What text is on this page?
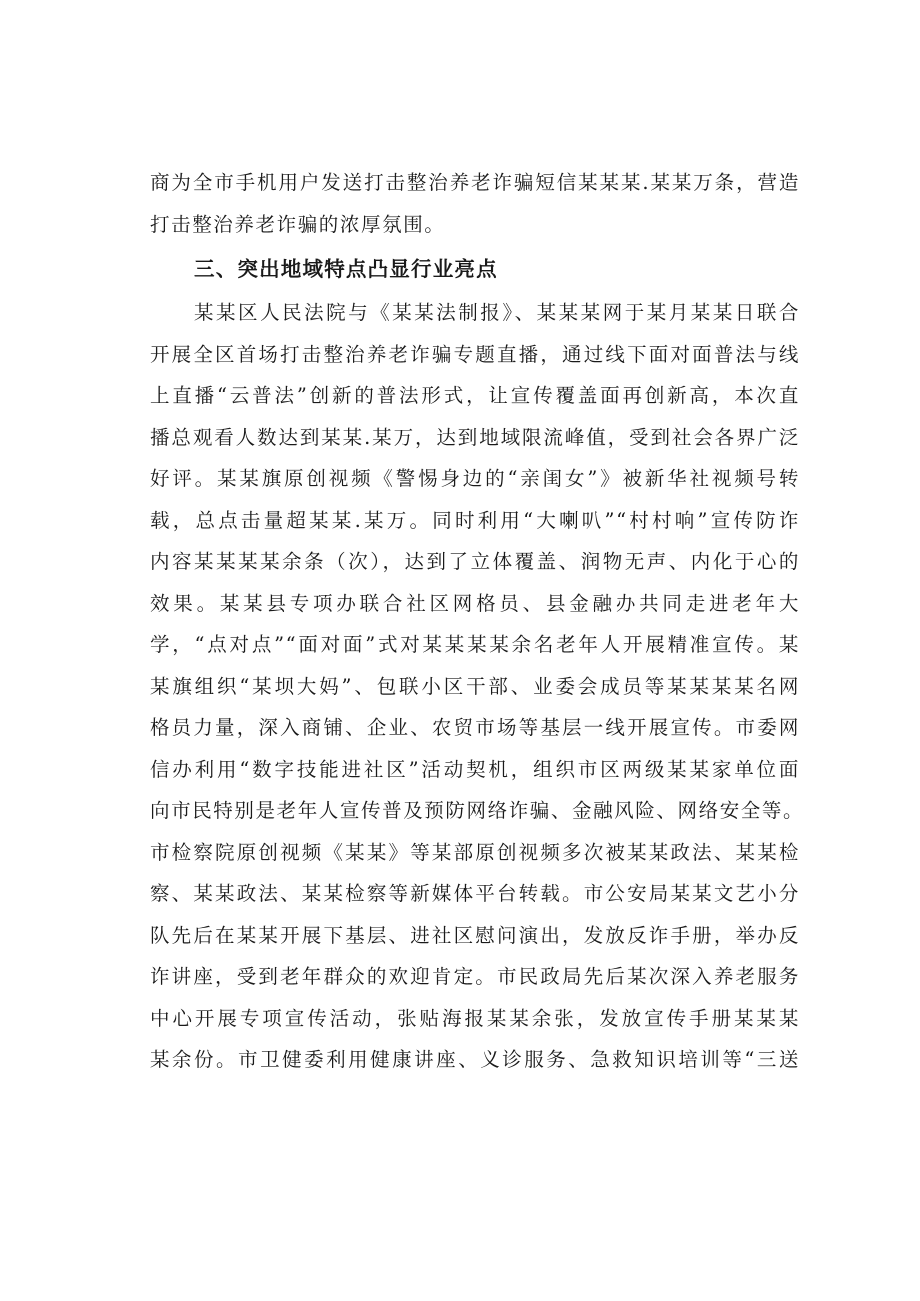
商为全市手机用户发送打击整治养老诈骗短信某某某.某某万条，营造
打击整治养老诈骗的浓厚氛围。
三、突出地域特点凸显行业亮点
某某区人民法院与《某某法制报》、某某某网于某月某某日联合
开展全区首场打击整治养老诈骗专题直播，通过线下面对面普法与线
上直播“云普法”创新的普法形式，让宣传覆盖面再创新高，本次直
播总观看人数达到某某.某万，达到地域限流峰值，受到社会各界广泛
好评。某某旗原创视频《警惕身边的“亲闺女”》被新华社视频号转
载，总点击量超某某.某万。同时利用“大喇叭”“村村响”宣传防诈
内容某某某某余条（次），达到了立体覆盖、润物无声、内化于心的
效果。某某县专项办联合社区网格员、县金融办共同走进老年大
学，“点对点”“面对面”式对某某某某余名老年人开展精准宣传。某
某旗组织“某坝大妈”、包联小区干部、业委会成员等某某某某名网
格员力量，深入商铺、企业、农贸市场等基层一线开展宣传。市委网
信办利用“数字技能进社区”活动契机，组织市区两级某某家单位面
向市民特别是老年人宣传普及预防网络诈骗、金融风险、网络安全等。
市检察院原创视频《某某》等某部原创视频多次被某某政法、某某检
察、某某政法、某某检察等新媒体平台转载。市公安局某某文艺小分
队先后在某某开展下基层、进社区慰问演出，发放反诈手册，举办反
诈讲座，受到老年群众的欢迎肯定。市民政局先后某次深入养老服务
中心开展专项宣传活动，张贴海报某某余张，发放宣传手册某某某
某余份。市卫健委利用健康讲座、义诊服务、急救知识培训等“三送
